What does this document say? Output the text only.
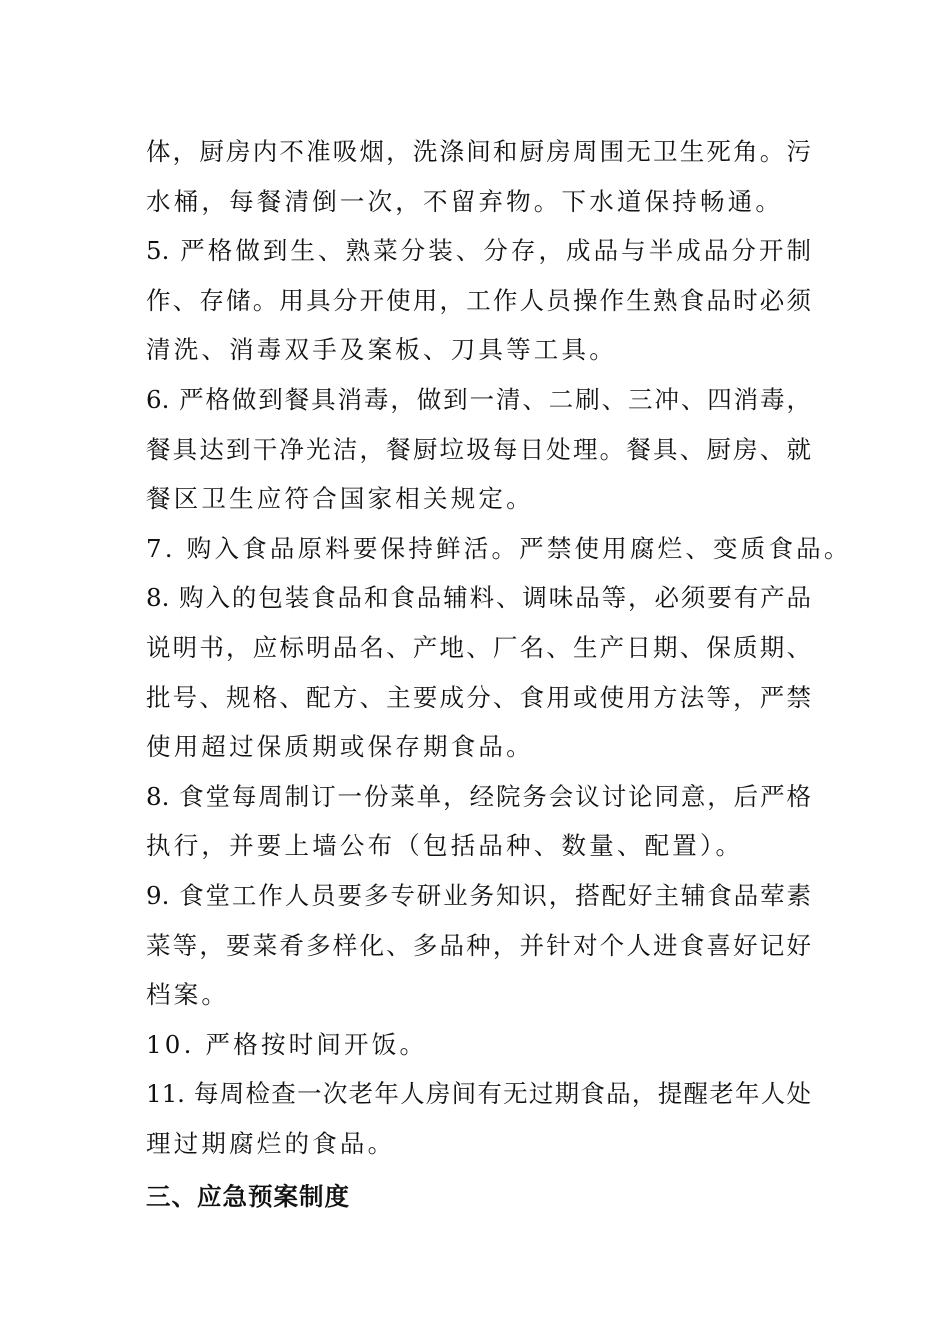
体，厨房内不准吸烟，洗涤间和厨房周围无卫生死角。污
水桶，每餐清倒一次，不留弃物。下水道保持畅通。
5. 严格做到生、熟菜分装、分存，成品与半成品分开制
作、存储。用具分开使用，工作人员操作生熟食品时必须
清洗、消毒双手及案板、刀具等工具。
6. 严格做到餐具消毒，做到一清、二刷、三冲、四消毒，
餐具达到干净光洁，餐厨垃圾每日处理。餐具、厨房、就
餐区卫生应符合国家相关规定。
7. 购入食品原料要保持鲜活。严禁使用腐烂、变质食品。
8. 购入的包装食品和食品辅料、调味品等，必须要有产品
说明书，应标明品名、产地、厂名、生产日期、保质期、
批号、规格、配方、主要成分、食用或使用方法等，严禁
使用超过保质期或保存期食品。
8. 食堂每周制订一份菜单，经院务会议讨论同意，后严格
执行，并要上墙公布（包括品种、数量、配置）。
9. 食堂工作人员要多专研业务知识，搭配好主辅食品荤素
菜等，要菜肴多样化、多品种，并针对个人进食喜好记好
档案。
10. 严格按时间开饭。
11. 每周检查一次老年人房间有无过期食品，提醒老年人处
理过期腐烂的食品。
三、应急预案制度
